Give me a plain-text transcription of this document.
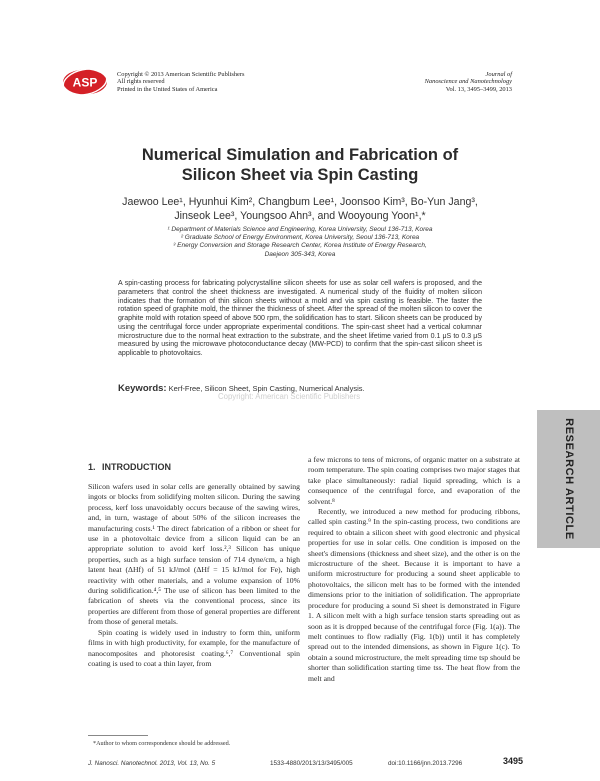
ASP
Copyright © 2013 American Scientific Publishers
All rights reserved
Printed in the United States of America
Journal of
Nanoscience and Nanotechnology
Vol. 13, 3495–3499, 2013
Numerical Simulation and Fabrication of
Silicon Sheet via Spin Casting
Jaewoo Lee¹, Hyunhui Kim², Changbum Lee¹, Joonsoo Kim³, Bo-Yun Jang³,
Jinseok Lee³, Youngsoo Ahn³, and Wooyoung Yoon¹,*
¹ Department of Materials Science and Engineering, Korea University, Seoul 136-713, Korea
² Graduate School of Energy Environment, Korea University, Seoul 136-713, Korea
³ Energy Conversion and Storage Research Center, Korea Institute of Energy Research,
Daejeon 305-343, Korea
A spin-casting process for fabricating polycrystalline silicon sheets for use as solar cell wafers is proposed, and the parameters that control the sheet thickness are investigated. A numerical study of the fluidity of molten silicon indicates that the formation of thin silicon sheets without a mold and via spin casting is feasible. The faster the rotation speed of graphite mold, the thinner the thickness of sheet. After the spread of the molten silicon to cover the graphite mold with rotation speed of above 500 rpm, the solidification has to start. Silicon sheets can be produced by using the centrifugal force under appropriate experimental conditions. The spin-cast sheet had a vertical columnar microstructure due to the normal heat extraction to the substrate, and the sheet lifetime varied from 0.1 μS to 0.3 μS measured by using the microwave photoconductance decay (MW-PCD) to confirm that the spin-cast silicon sheet is applicable to photovoltaics.
Keywords: Kerf-Free, Silicon Sheet, Spin Casting, Numerical Analysis.
Copyright: American Scientific Publishers
RESEARCH ARTICLE
1. INTRODUCTION

Silicon wafers used in solar cells are generally obtained by sawing ingots or blocks from solidifying molten silicon. During the sawing process, kerf loss unavoidably occurs because of the sawing wires, and, in turn, wastage of about 50% of the silicon increases the manufacturing costs.¹ The direct fabrication of a ribbon or sheet for use in a photovoltaic device from a silicon liquid can be an appropriate solution to avoid kerf loss.²,³ Silicon has unique properties, such as a high surface tension of 714 dyne/cm, a high latent heat (ΔHf) of 51 kJ/mol (ΔHf = 15 kJ/mol for Fe), high reactivity with other materials, and a volume expansion of 10% during solidification.⁴,⁵ The use of silicon has been limited to the fabrication of sheets via the conventional process, since its properties are different from those of general properties are different from those of general metals.

Spin coating is widely used in industry to form thin, uniform films in with high productivity, for example, for the manufacture of nanocomposites and photoresist coating.⁶,⁷ Conventional spin coating is used to coat a thin layer, from

a few microns to tens of microns, of organic matter on a substrate at room temperature. The spin coating comprises two major stages that take place simultaneously: radial liquid spreading, which is a consequence of the centrifugal force, and evaporation of the solvent.⁸

Recently, we introduced a new method for producing ribbons, called spin casting.⁹ In the spin-casting process, two conditions are required to obtain a silicon sheet with good electronic and physical properties for use in solar cells. One condition is imposed on the sheet's dimensions (thickness and sheet size), and the other is on the microstructure of the sheet. Because it is important to have a uniform microstructure for producing a sound sheet applicable to photovoltaics, the silicon melt has to be formed with the intended dimensions prior to the initiation of solidification. The appropriate procedure for producing a sound Si sheet is demonstrated in Figure 1. A silicon melt with a high surface tension starts spreading out as soon as it is dropped because of the centrifugal force (Fig. 1(a)). The melt continues to flow radially (Fig. 1(b)) until it has completely spread out to the intended dimensions, as shown in Figure 1(c). To obtain a sound microstructure, the melt spreading time tsp should be shorter than solidification starting time tss. The heat flow from the melt and

*Author to whom correspondence should be addressed.
J. Nanosci. Nanotechnol. 2013, Vol. 13, No. 5	1533-4880/2013/13/3495/005	doi:10.1166/jnn.2013.7296	3495
